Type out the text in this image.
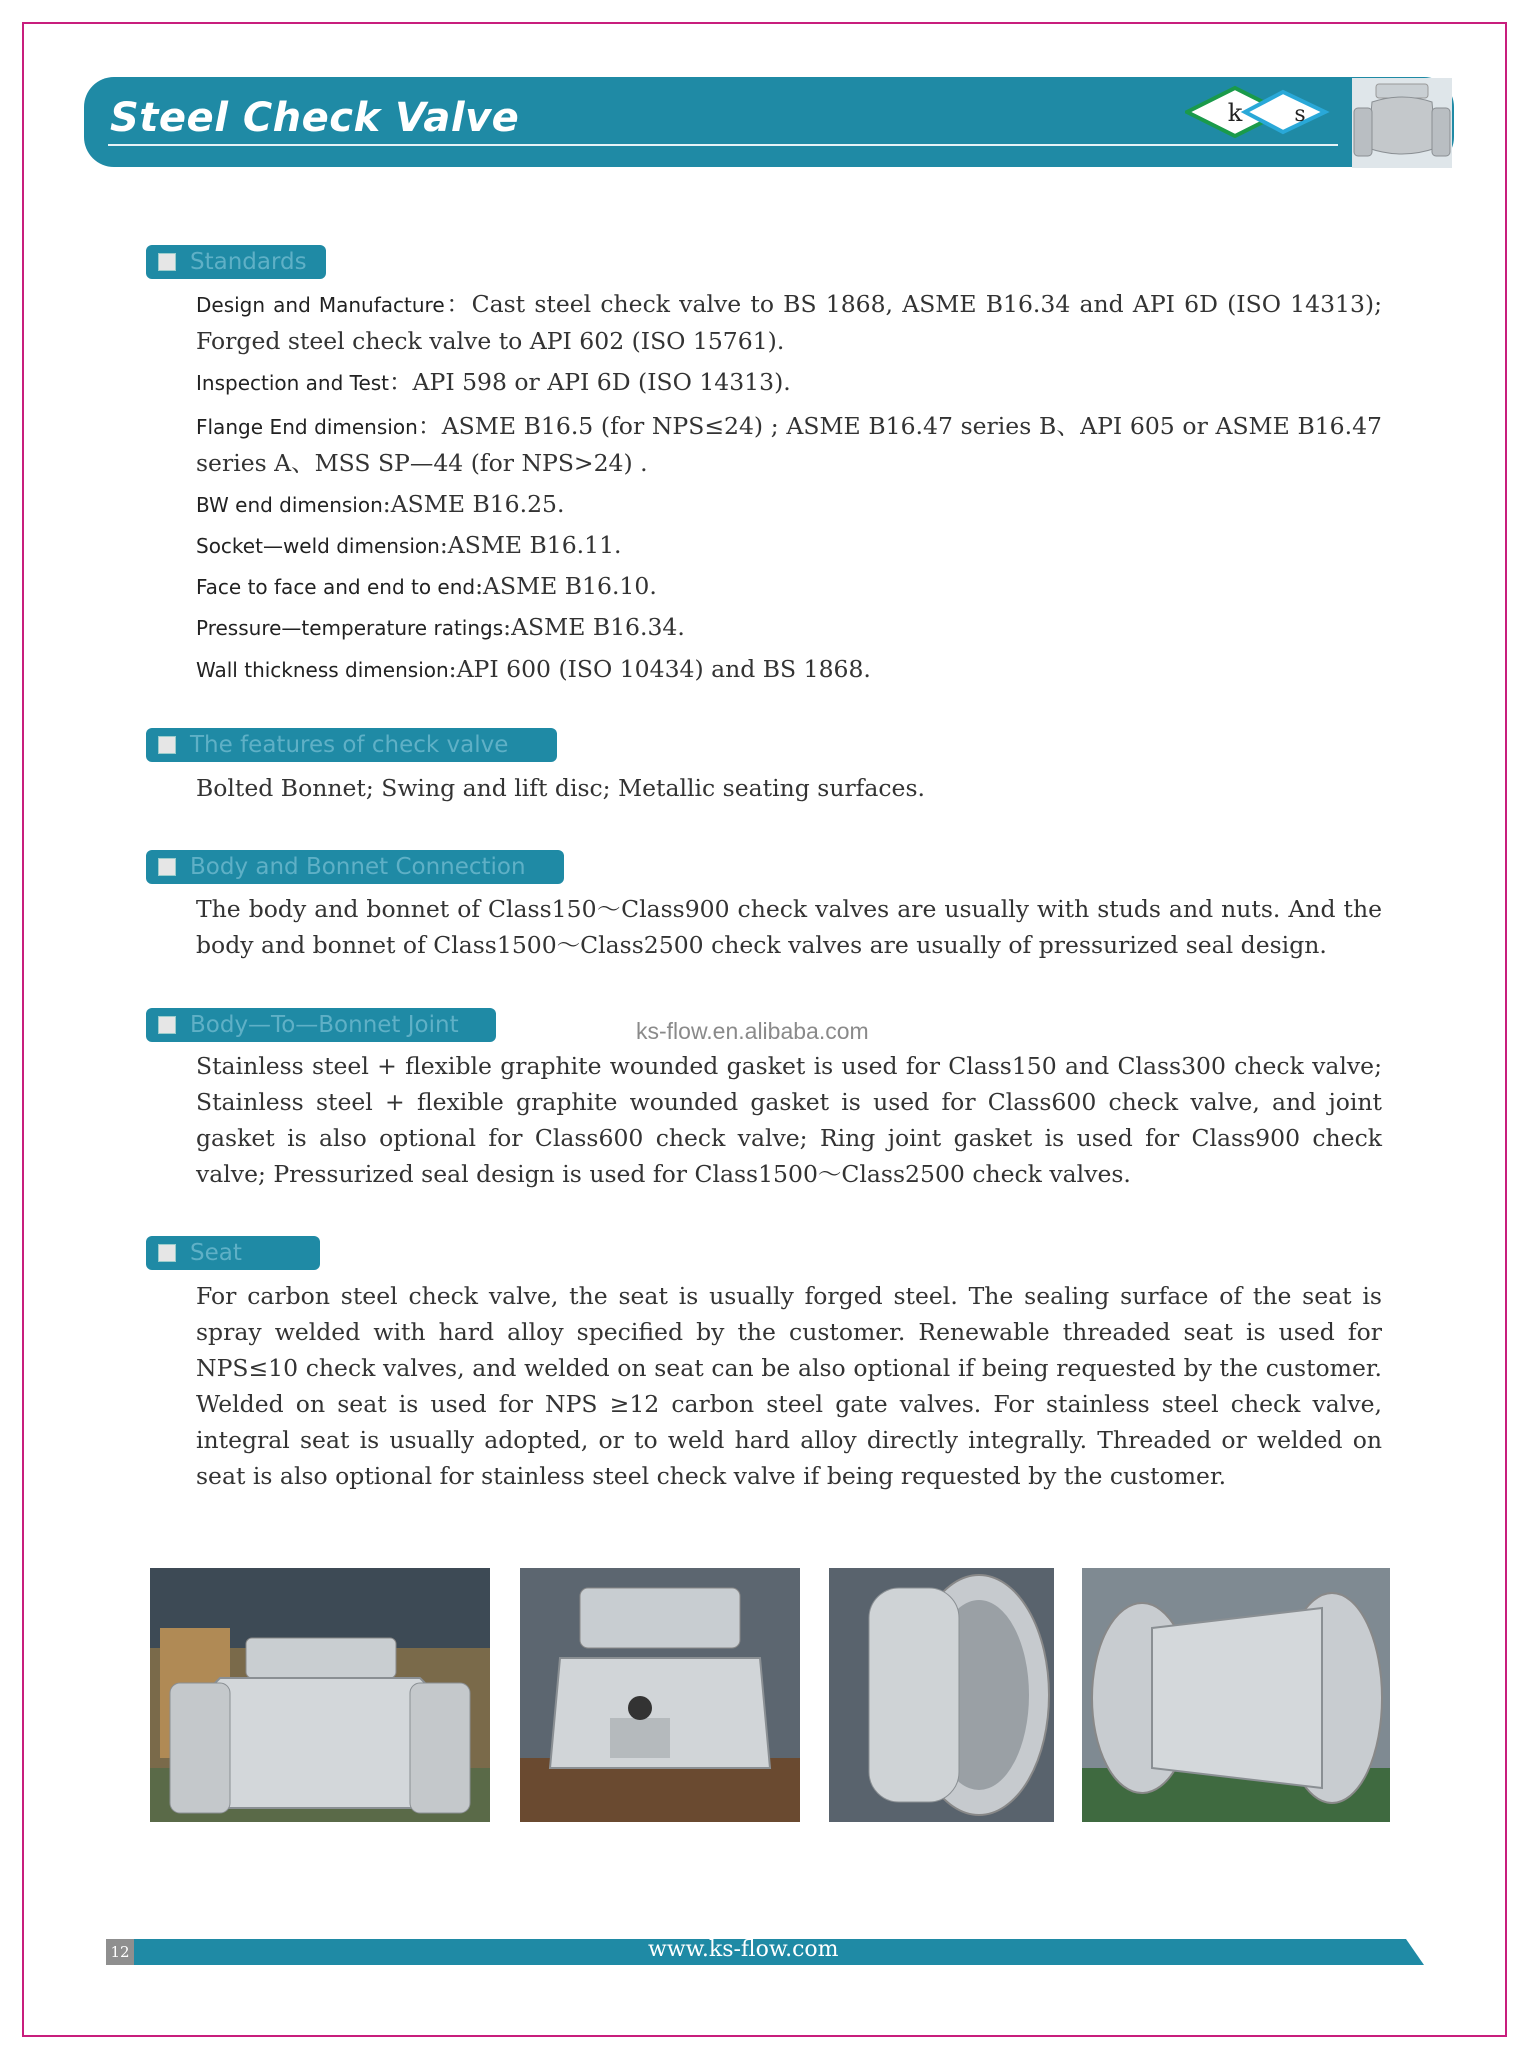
Steel Check Valve	k s
Standards
Design and Manufacture：Cast steel check valve to BS 1868, ASME B16.34 and API 6D (ISO 14313); Forged steel check valve to API 602 (ISO 15761).
Inspection and Test：API 598 or API 6D (ISO 14313).
Flange End dimension：ASME B16.5 (for NPS≤24) ; ASME B16.47 series B、API 605 or ASME B16.47 series A、MSS SP—44 (for NPS>24) .
BW end dimension:ASME B16.25.
Socket—weld dimension:ASME B16.11.
Face to face and end to end:ASME B16.10.
Pressure—temperature ratings:ASME B16.34.
Wall thickness dimension:API 600 (ISO 10434) and BS 1868.
The features of check valve
Bolted Bonnet; Swing and lift disc; Metallic seating surfaces.
Body and Bonnet Connection
The body and bonnet of Class150～Class900 check valves are usually with studs and nuts. And the body and bonnet of Class1500～Class2500 check valves are usually of pressurized seal design.
Body—To—Bonnet Joint	ks-flow.en.alibaba.com
Stainless steel + flexible graphite wounded gasket is used for Class150 and Class300 check valve; Stainless steel + flexible graphite wounded gasket is used for Class600 check valve, and joint gasket is also optional for Class600 check valve; Ring joint gasket is used for Class900 check valve; Pressurized seal design is used for Class1500～Class2500 check valves.
Seat
For carbon steel check valve, the seat is usually forged steel. The sealing surface of the seat is spray welded with hard alloy specified by the customer. Renewable threaded seat is used for NPS≤10 check valves, and welded on seat can be also optional if being requested by the customer. Welded on seat is used for NPS ≥12 carbon steel gate valves. For stainless steel check valve, integral seat is usually adopted, or to weld hard alloy directly integrally. Threaded or welded on seat is also optional for stainless steel check valve if being requested by the customer.
12	www.ks-flow.com
